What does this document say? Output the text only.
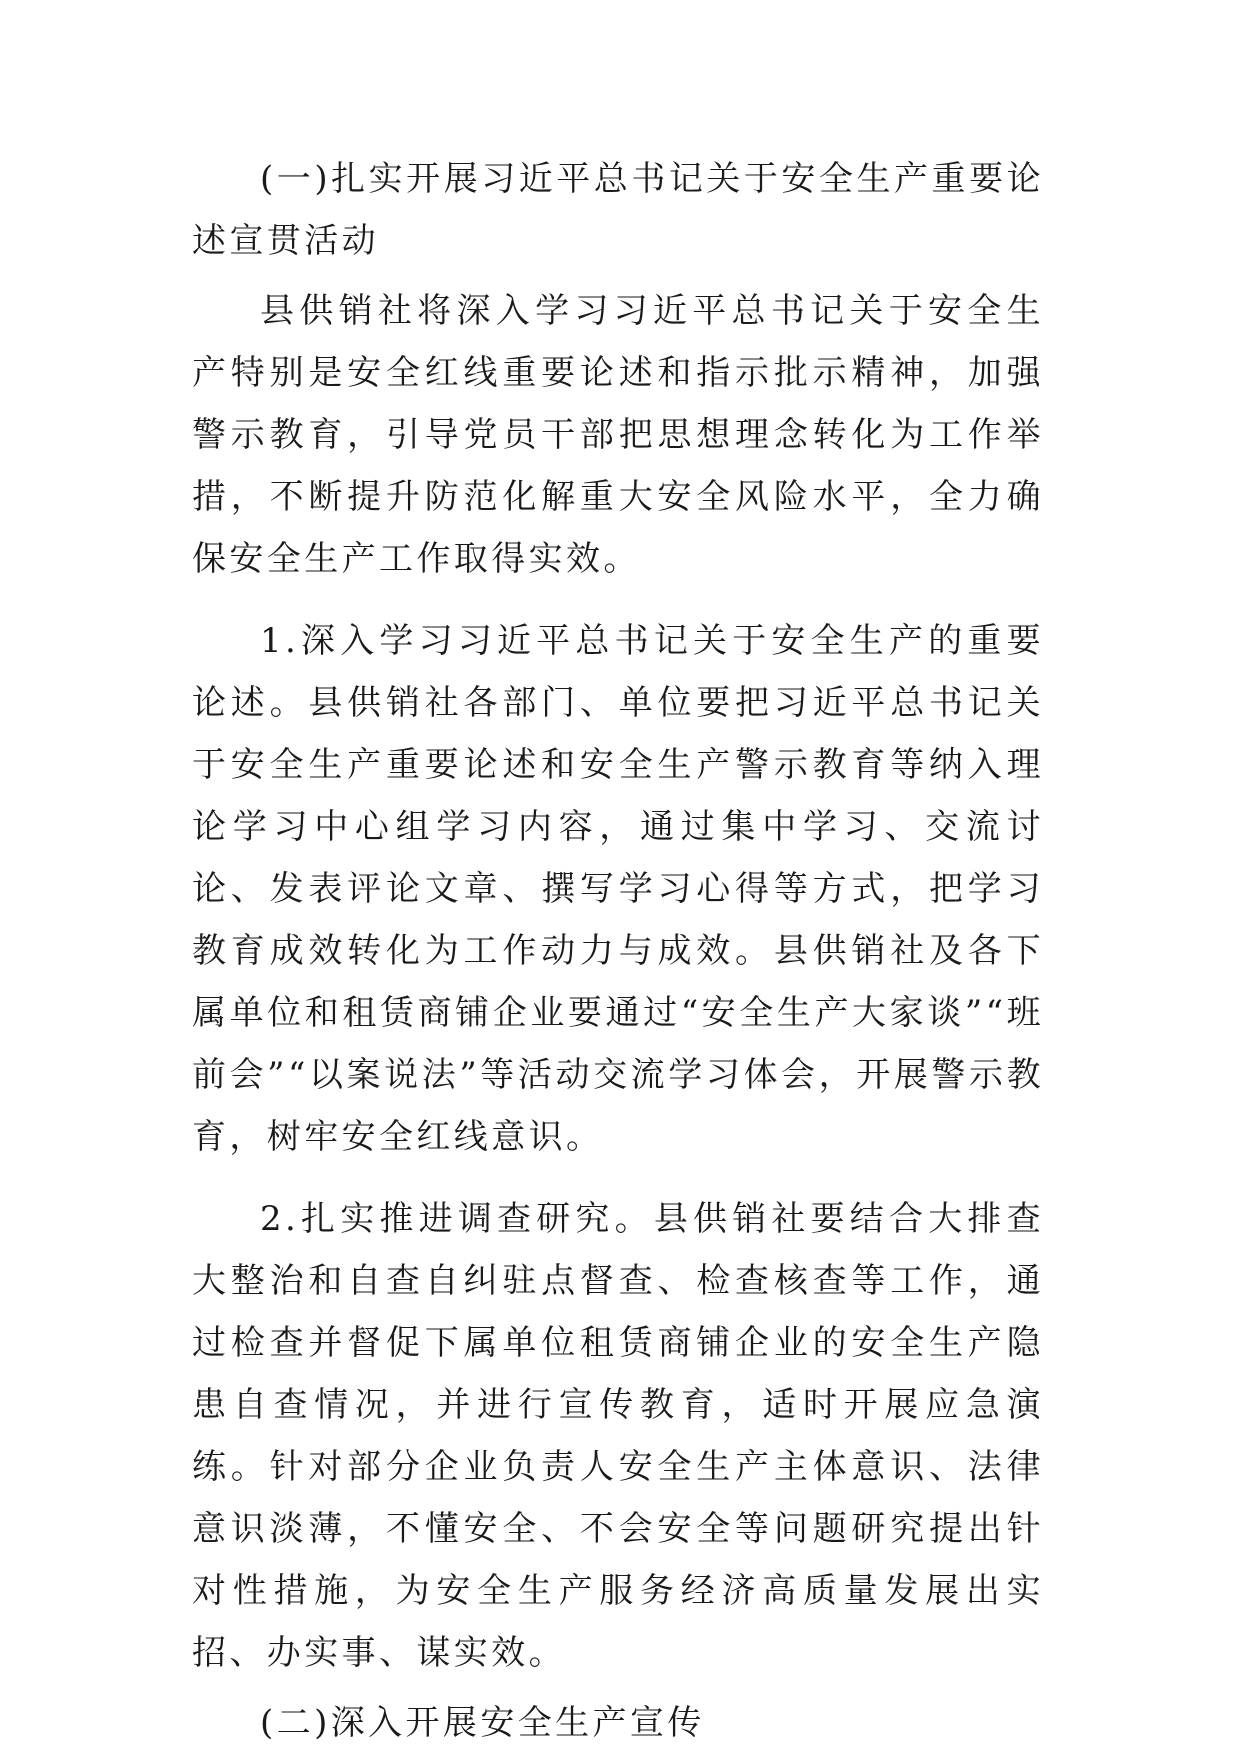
(一)扎实开展习近平总书记关于安全生产重要论述宣贯活动

县供销社将深入学习习近平总书记关于安全生产特别是安全红线重要论述和指示批示精神，加强警示教育，引导党员干部把思想理念转化为工作举措，不断提升防范化解重大安全风险水平，全力确保安全生产工作取得实效。

1.深入学习习近平总书记关于安全生产的重要论述。县供销社各部门、单位要把习近平总书记关于安全生产重要论述和安全生产警示教育等纳入理论学习中心组学习内容，通过集中学习、交流讨论、发表评论文章、撰写学习心得等方式，把学习教育成效转化为工作动力与成效。县供销社及各下属单位和租赁商铺企业要通过“安全生产大家谈”“班前会”“以案说法”等活动交流学习体会，开展警示教育，树牢安全红线意识。

2.扎实推进调查研究。县供销社要结合大排查大整治和自查自纠驻点督查、检查核查等工作，通过检查并督促下属单位租赁商铺企业的安全生产隐患自查情况，并进行宣传教育，适时开展应急演练。针对部分企业负责人安全生产主体意识、法律意识淡薄，不懂安全、不会安全等问题研究提出针对性措施，为安全生产服务经济高质量发展出实招、办实事、谋实效。

(二)深入开展安全生产宣传
